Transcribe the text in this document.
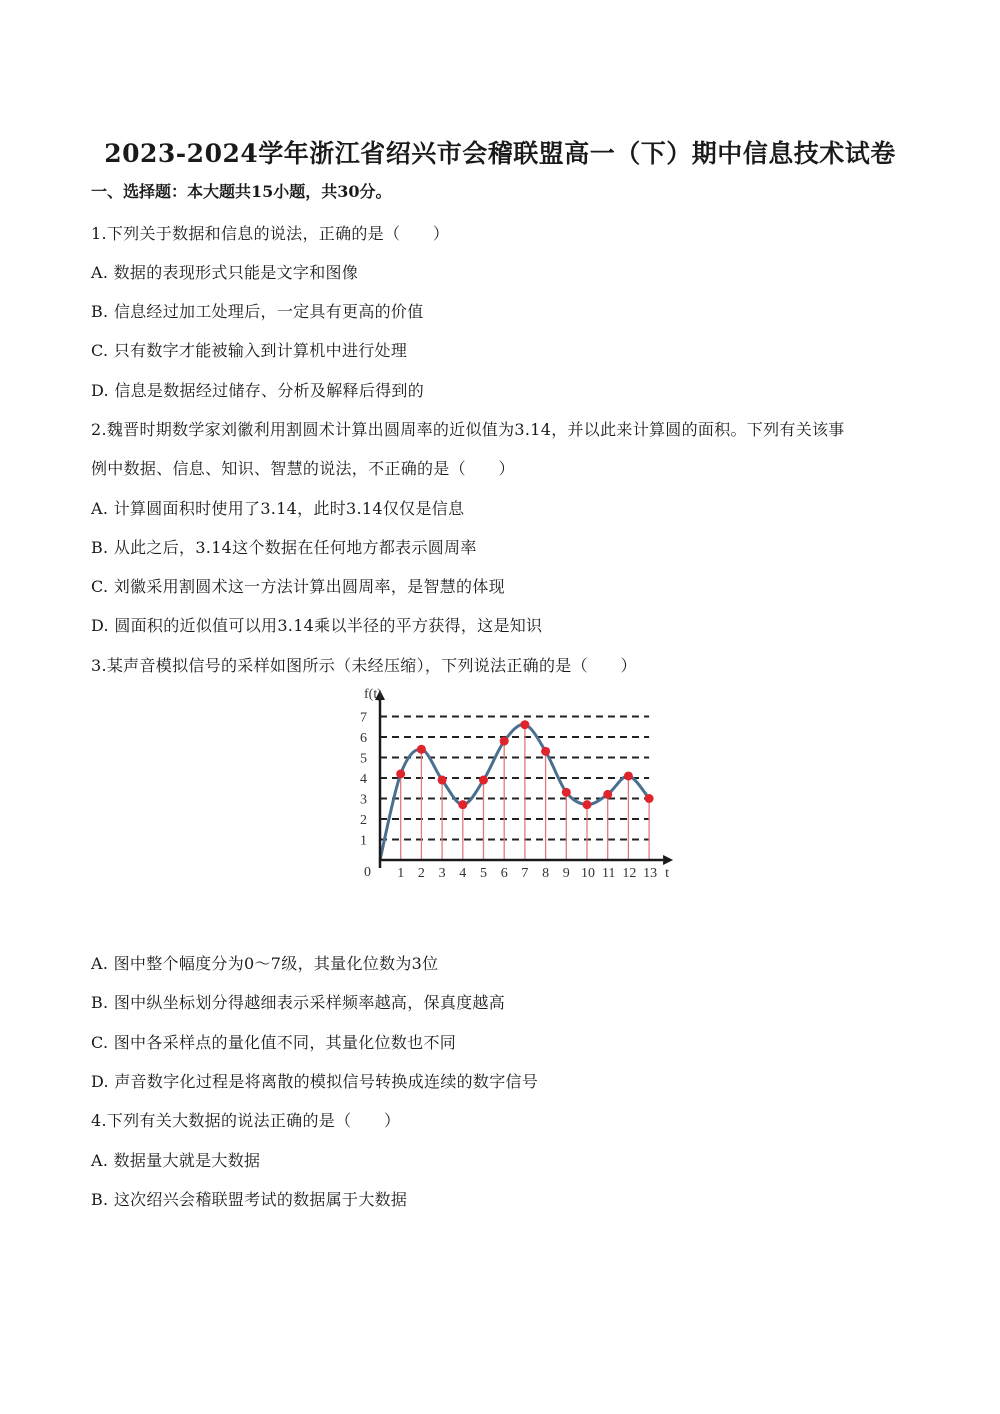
2023-2024学年浙江省绍兴市会稽联盟高一（下）期中信息技术试卷
一、选择题：本大题共15小题，共30分。
1.下列关于数据和信息的说法，正确的是（　　）
A. 数据的表现形式只能是文字和图像
B. 信息经过加工处理后，一定具有更高的价值
C. 只有数字才能被输入到计算机中进行处理
D. 信息是数据经过储存、分析及解释后得到的
2.魏晋时期数学家刘徽利用割圆术计算出圆周率的近似值为3.14，并以此来计算圆的面积。下列有关该事
例中数据、信息、知识、智慧的说法，不正确的是（　　）
A. 计算圆面积时使用了3.14，此时3.14仅仅是信息
B. 从此之后，3.14这个数据在任何地方都表示圆周率
C. 刘徽采用割圆术这一方法计算出圆周率，是智慧的体现
D. 圆面积的近似值可以用3.14乘以半径的平方获得，这是知识
3.某声音模拟信号的采样如图所示（未经压缩），下列说法正确的是（　　）
1
2
3
4
5
6
7
f(t)
0 1 2 3 4 5 6 7 8 9 10 11 12 13 t
A. 图中整个幅度分为0～7级，其量化位数为3位
B. 图中纵坐标划分得越细表示采样频率越高，保真度越高
C. 图中各采样点的量化值不同，其量化位数也不同
D. 声音数字化过程是将离散的模拟信号转换成连续的数字信号
4.下列有关大数据的说法正确的是（　　）
A. 数据量大就是大数据
B. 这次绍兴会稽联盟考试的数据属于大数据
